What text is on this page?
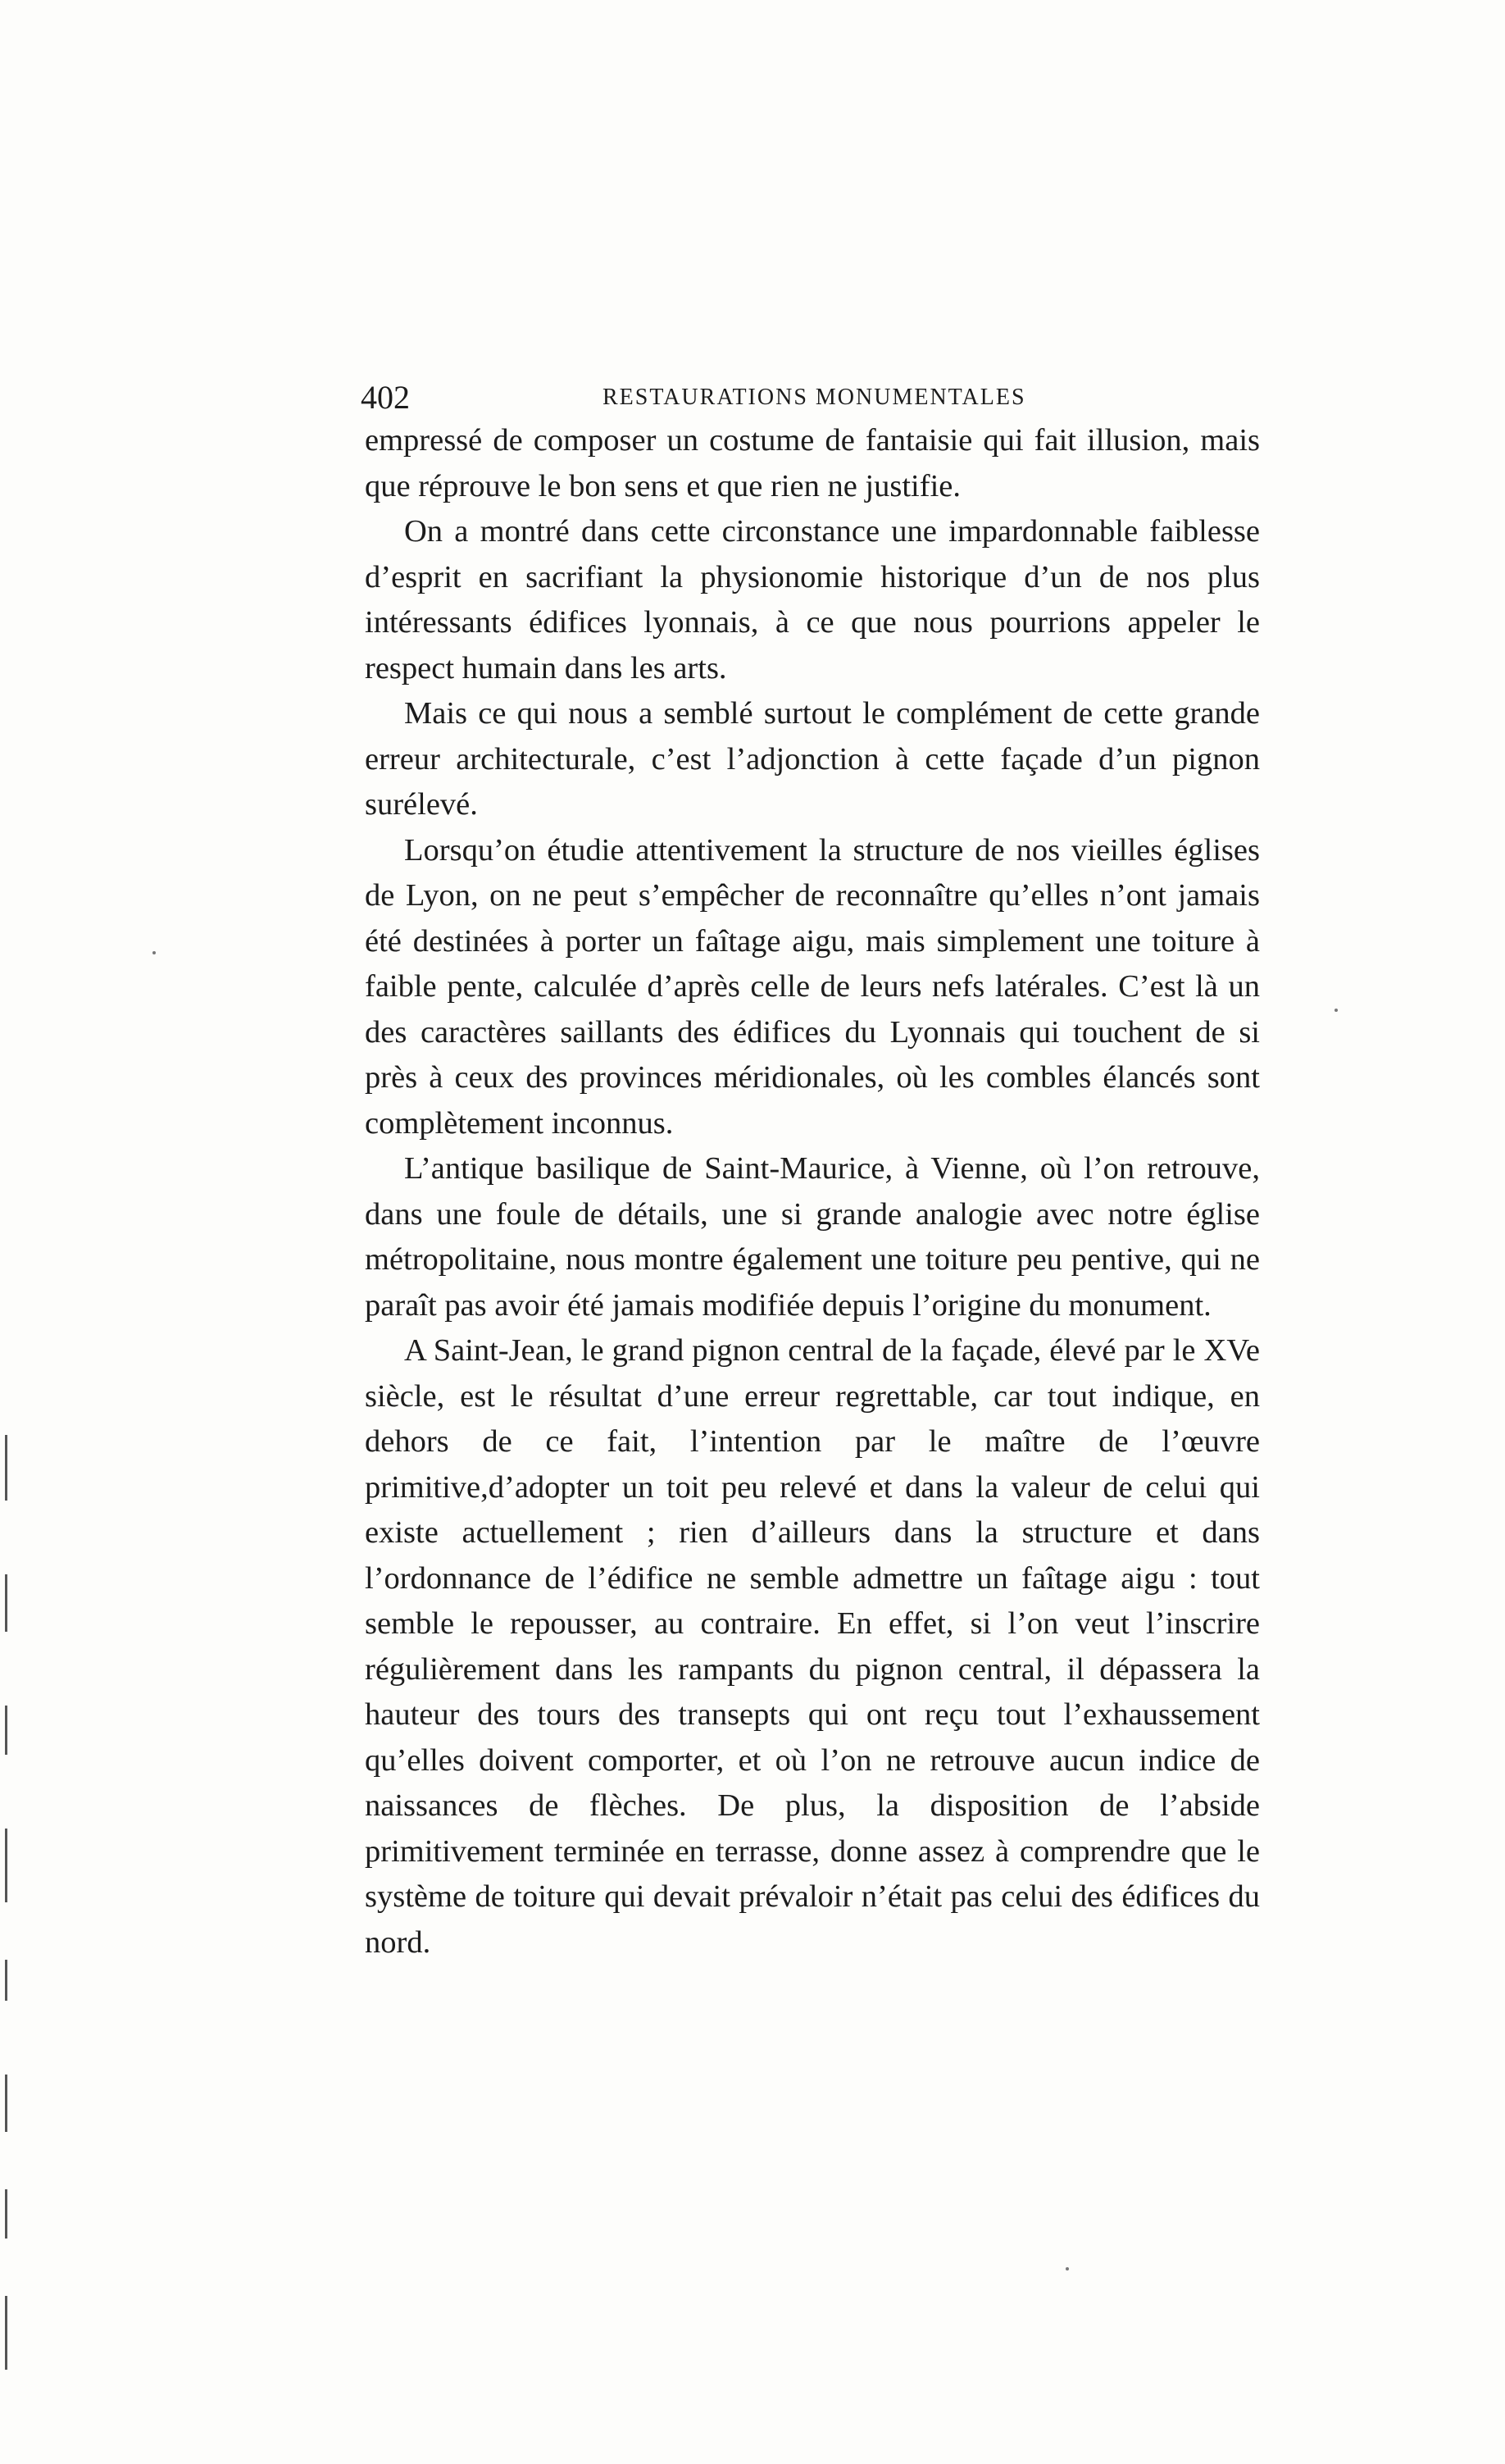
402	RESTAURATIONS MONUMENTALES

empressé de composer un costume de fantaisie qui fait illusion, mais que réprouve le bon sens et que rien ne justifie.

On a montré dans cette circonstance une impardonnable faiblesse d’esprit en sacrifiant la physionomie historique d’un de nos plus intéressants édifices lyonnais, à ce que nous pourrions appeler le respect humain dans les arts.

Mais ce qui nous a semblé surtout le complément de cette grande erreur architecturale, c’est l’adjonction à cette façade d’un pignon surélevé.

Lorsqu’on étudie attentivement la structure de nos vieilles églises de Lyon, on ne peut s’empêcher de reconnaître qu’elles n’ont jamais été destinées à porter un faîtage aigu, mais simplement une toiture à faible pente, calculée d’après celle de leurs nefs latérales. C’est là un des caractères saillants des édifices du Lyonnais qui touchent de si près à ceux des provinces méridionales, où les combles élancés sont complètement inconnus.

L’antique basilique de Saint-Maurice, à Vienne, où l’on retrouve, dans une foule de détails, une si grande analogie avec notre église métropolitaine, nous montre également une toiture peu pentive, qui ne paraît pas avoir été jamais modifiée depuis l’origine du monument.

A Saint-Jean, le grand pignon central de la façade, élevé par le XVe siècle, est le résultat d’une erreur regrettable, car tout indique, en dehors de ce fait, l’intention par le maître de l’œuvre primitive,d’adopter un toit peu relevé et dans la valeur de celui qui existe actuellement ; rien d’ailleurs dans la structure et dans l’ordonnance de l’édifice ne semble admettre un faîtage aigu : tout semble le repousser, au contraire. En effet, si l’on veut l’inscrire régulièrement dans les rampants du pignon central, il dépassera la hauteur des tours des transepts qui ont reçu tout l’exhaussement qu’elles doivent comporter, et où l’on ne retrouve aucun indice de naissances de flèches. De plus, la disposition de l’abside primitivement terminée en terrasse, donne assez à comprendre que le système de toiture qui devait prévaloir n’était pas celui des édifices du nord.
